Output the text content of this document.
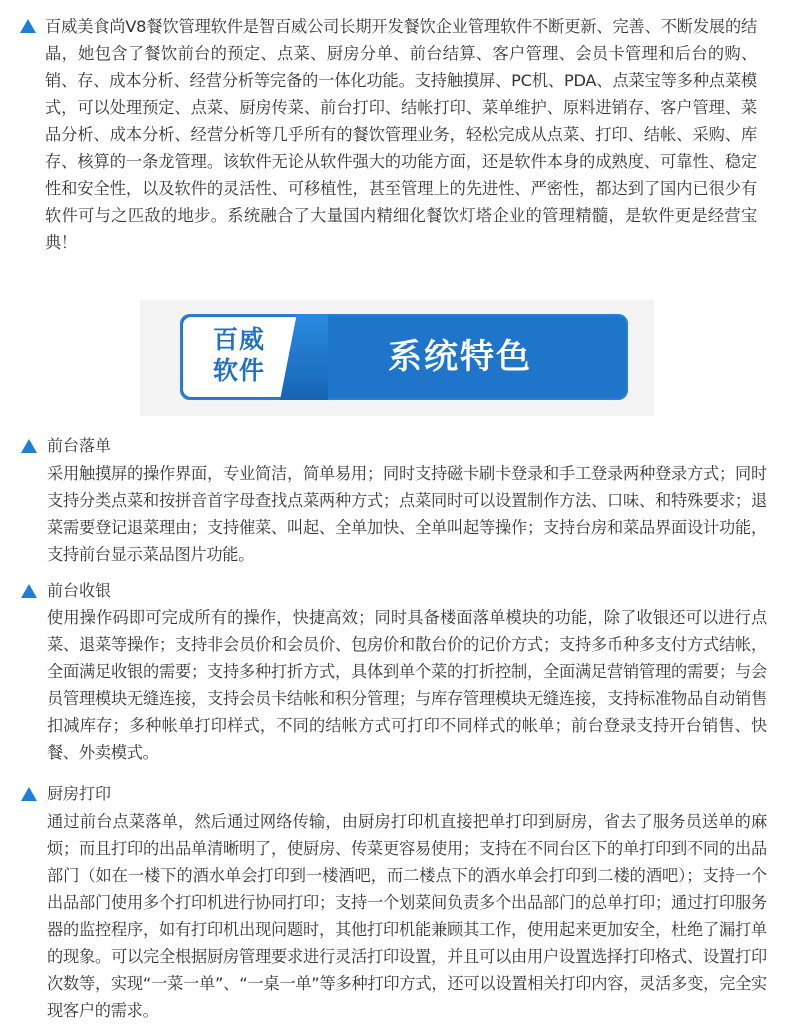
百威美食尚V8餐饮管理软件是智百威公司长期开发餐饮企业管理软件不断更新、完善、不断发展的结晶，她包含了餐饮前台的预定、点菜、厨房分单、前台结算、客户管理、会员卡管理和后台的购、销、存、成本分析、经营分析等完备的一体化功能。支持触摸屏、PC机、PDA、点菜宝等多种点菜模式，可以处理预定、点菜、厨房传菜、前台打印、结帐打印、菜单维护、原料进销存、客户管理、菜品分析、成本分析、经营分析等几乎所有的餐饮管理业务，轻松完成从点菜、打印、结帐、采购、库存、核算的一条龙管理。该软件无论从软件强大的功能方面，还是软件本身的成熟度、可靠性、稳定性和安全性，以及软件的灵活性、可移植性，甚至管理上的先进性、严密性，都达到了国内已很少有软件可与之匹敌的地步。系统融合了大量国内精细化餐饮灯塔企业的管理精髓，是软件更是经营宝典！
百威
软件	系统特色
前台落单
采用触摸屏的操作界面，专业简洁，简单易用；同时支持磁卡刷卡登录和手工登录两种登录方式；同时支持分类点菜和按拼音首字母查找点菜两种方式；点菜同时可以设置制作方法、口味、和特殊要求；退菜需要登记退菜理由；支持催菜、叫起、全单加快、全单叫起等操作；支持台房和菜品界面设计功能，支持前台显示菜品图片功能。
前台收银
使用操作码即可完成所有的操作，快捷高效；同时具备楼面落单模块的功能，除了收银还可以进行点菜、退菜等操作；支持非会员价和会员价、包房价和散台价的记价方式；支持多币种多支付方式结帐，全面满足收银的需要；支持多种打折方式，具体到单个菜的打折控制，全面满足营销管理的需要；与会员管理模块无缝连接，支持会员卡结帐和积分管理；与库存管理模块无缝连接，支持标准物品自动销售扣减库存；多种帐单打印样式，不同的结帐方式可打印不同样式的帐单；前台登录支持开台销售、快餐、外卖模式。
厨房打印
通过前台点菜落单，然后通过网络传输，由厨房打印机直接把单打印到厨房，省去了服务员送单的麻烦；而且打印的出品单清晰明了，使厨房、传菜更容易使用；支持在不同台区下的单打印到不同的出品部门（如在一楼下的酒水单会打印到一楼酒吧，而二楼点下的酒水单会打印到二楼的酒吧）；支持一个出品部门使用多个打印机进行协同打印；支持一个划菜间负责多个出品部门的总单打印；通过打印服务器的监控程序，如有打印机出现问题时，其他打印机能兼顾其工作，使用起来更加安全，杜绝了漏打单的现象。可以完全根据厨房管理要求进行灵活打印设置，并且可以由用户设置选择打印格式、设置打印次数等，实现“一菜一单”、“一桌一单”等多种打印方式，还可以设置相关打印内容，灵活多变，完全实现客户的需求。
